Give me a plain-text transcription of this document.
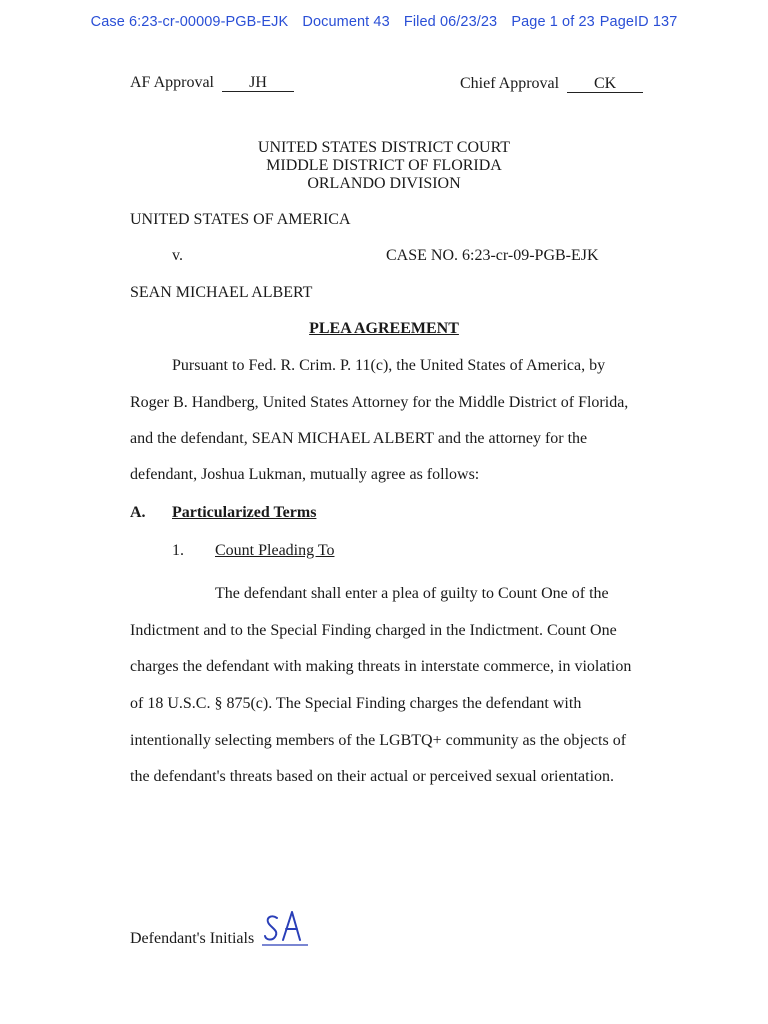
Case 6:23-cr-00009-PGB-EJK Document 43 Filed 06/23/23 Page 1 of 23 PageID 137
AF Approval JH	Chief Approval CK
UNITED STATES DISTRICT COURT
MIDDLE DISTRICT OF FLORIDA
ORLANDO DIVISION
UNITED STATES OF AMERICA
v.	CASE NO. 6:23-cr-09-PGB-EJK
SEAN MICHAEL ALBERT
PLEA AGREEMENT
Pursuant to Fed. R. Crim. P. 11(c), the United States of America, by
Roger B. Handberg, United States Attorney for the Middle District of Florida,
and the defendant, SEAN MICHAEL ALBERT and the attorney for the
defendant, Joshua Lukman, mutually agree as follows:
A. Particularized Terms
1. Count Pleading To
The defendant shall enter a plea of guilty to Count One of the
Indictment and to the Special Finding charged in the Indictment. Count One
charges the defendant with making threats in interstate commerce, in violation
of 18 U.S.C. § 875(c). The Special Finding charges the defendant with
intentionally selecting members of the LGBTQ+ community as the objects of
the defendant's threats based on their actual or perceived sexual orientation.
Defendant's Initials
